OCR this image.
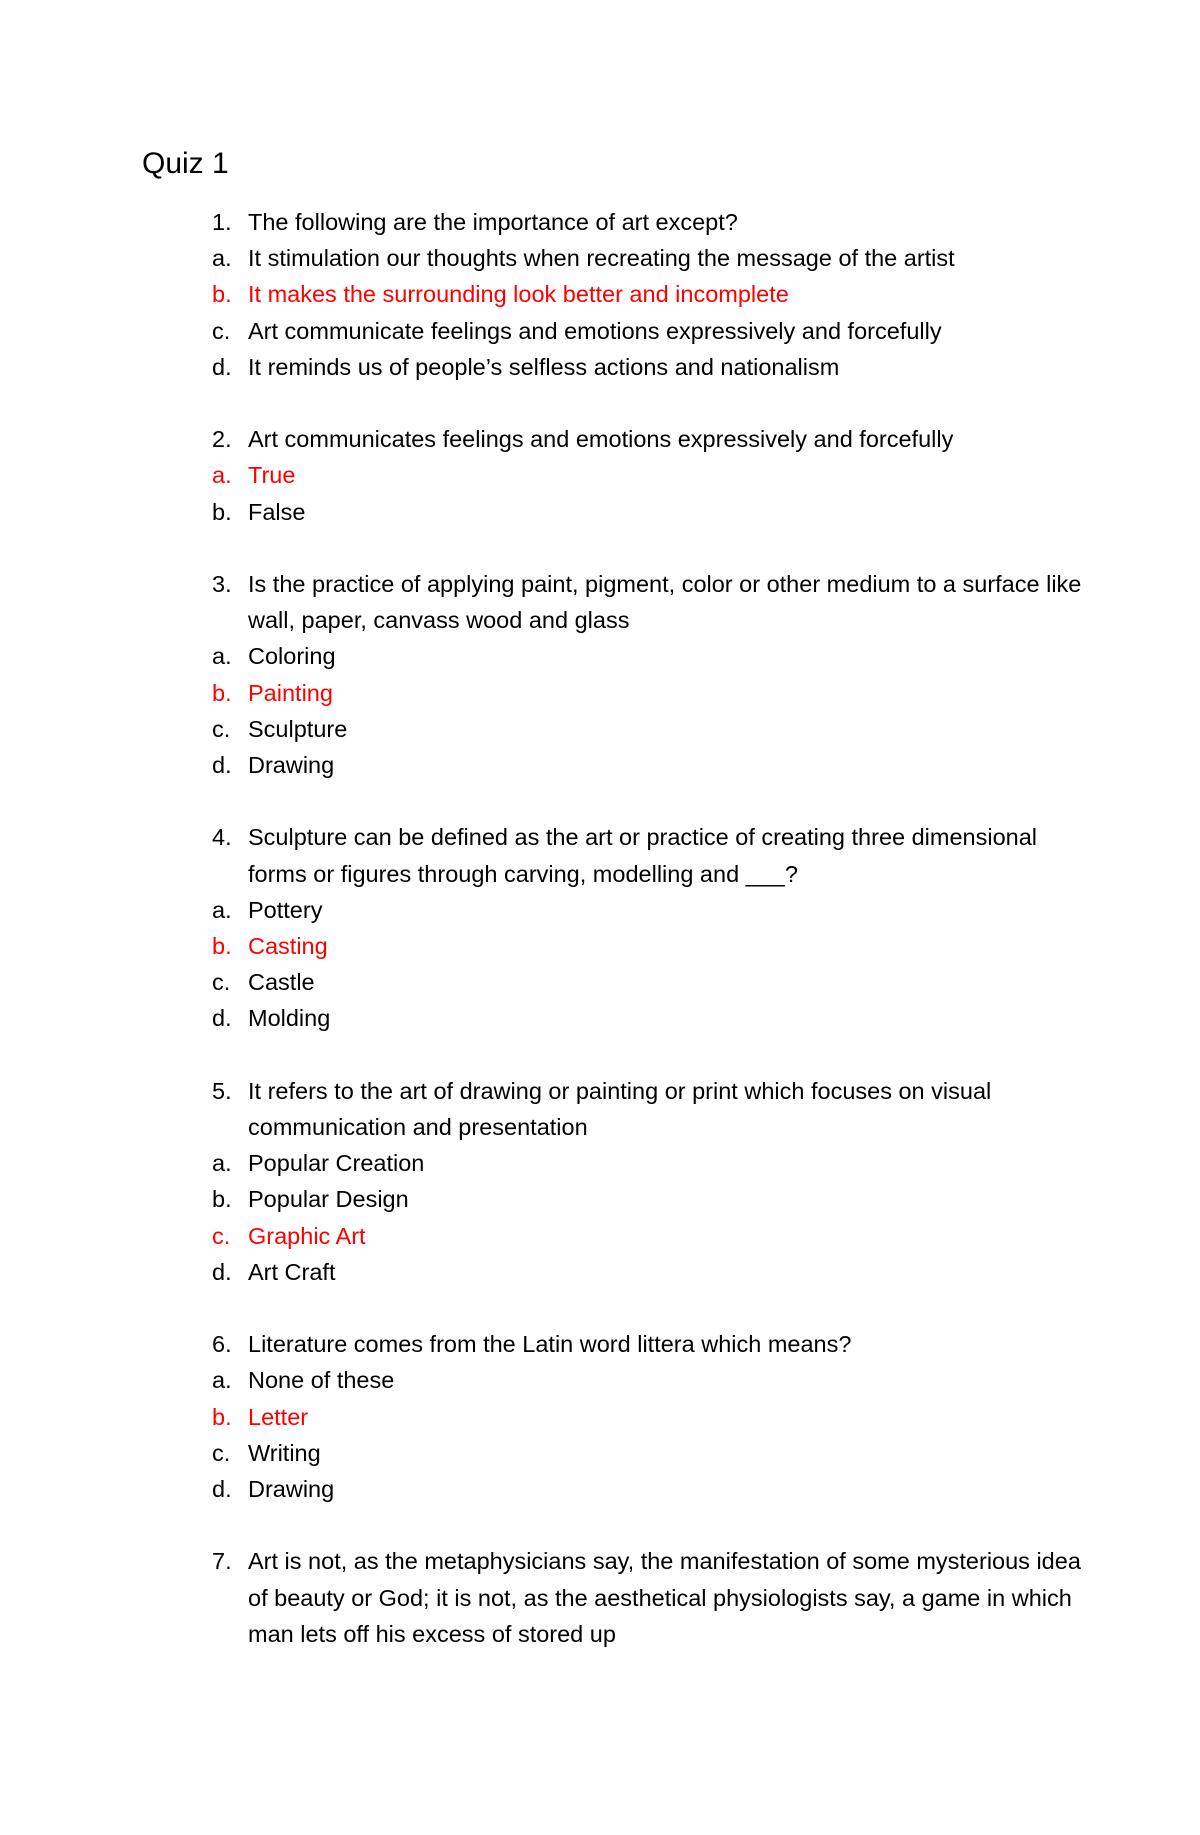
Quiz 1
1. The following are the importance of art except?
a. It stimulation our thoughts when recreating the message of the artist
b. It makes the surrounding look better and incomplete
c. Art communicate feelings and emotions expressively and forcefully
d. It reminds us of people’s selfless actions and nationalism
2. Art communicates feelings and emotions expressively and forcefully
a. True
b. False
3. Is the practice of applying paint, pigment, color or other medium to a surface like wall, paper, canvass wood and glass
a. Coloring
b. Painting
c. Sculpture
d. Drawing
4. Sculpture can be defined as the art or practice of creating three dimensional forms or figures through carving, modelling and ___?
a. Pottery
b. Casting
c. Castle
d. Molding
5. It refers to the art of drawing or painting or print which focuses on visual communication and presentation
a. Popular Creation
b. Popular Design
c. Graphic Art
d. Art Craft
6. Literature comes from the Latin word littera which means?
a. None of these
b. Letter
c. Writing
d. Drawing
7. Art is not, as the metaphysicians say, the manifestation of some mysterious idea of beauty or God; it is not, as the aesthetical physiologists say, a game in which man lets off his excess of stored up
